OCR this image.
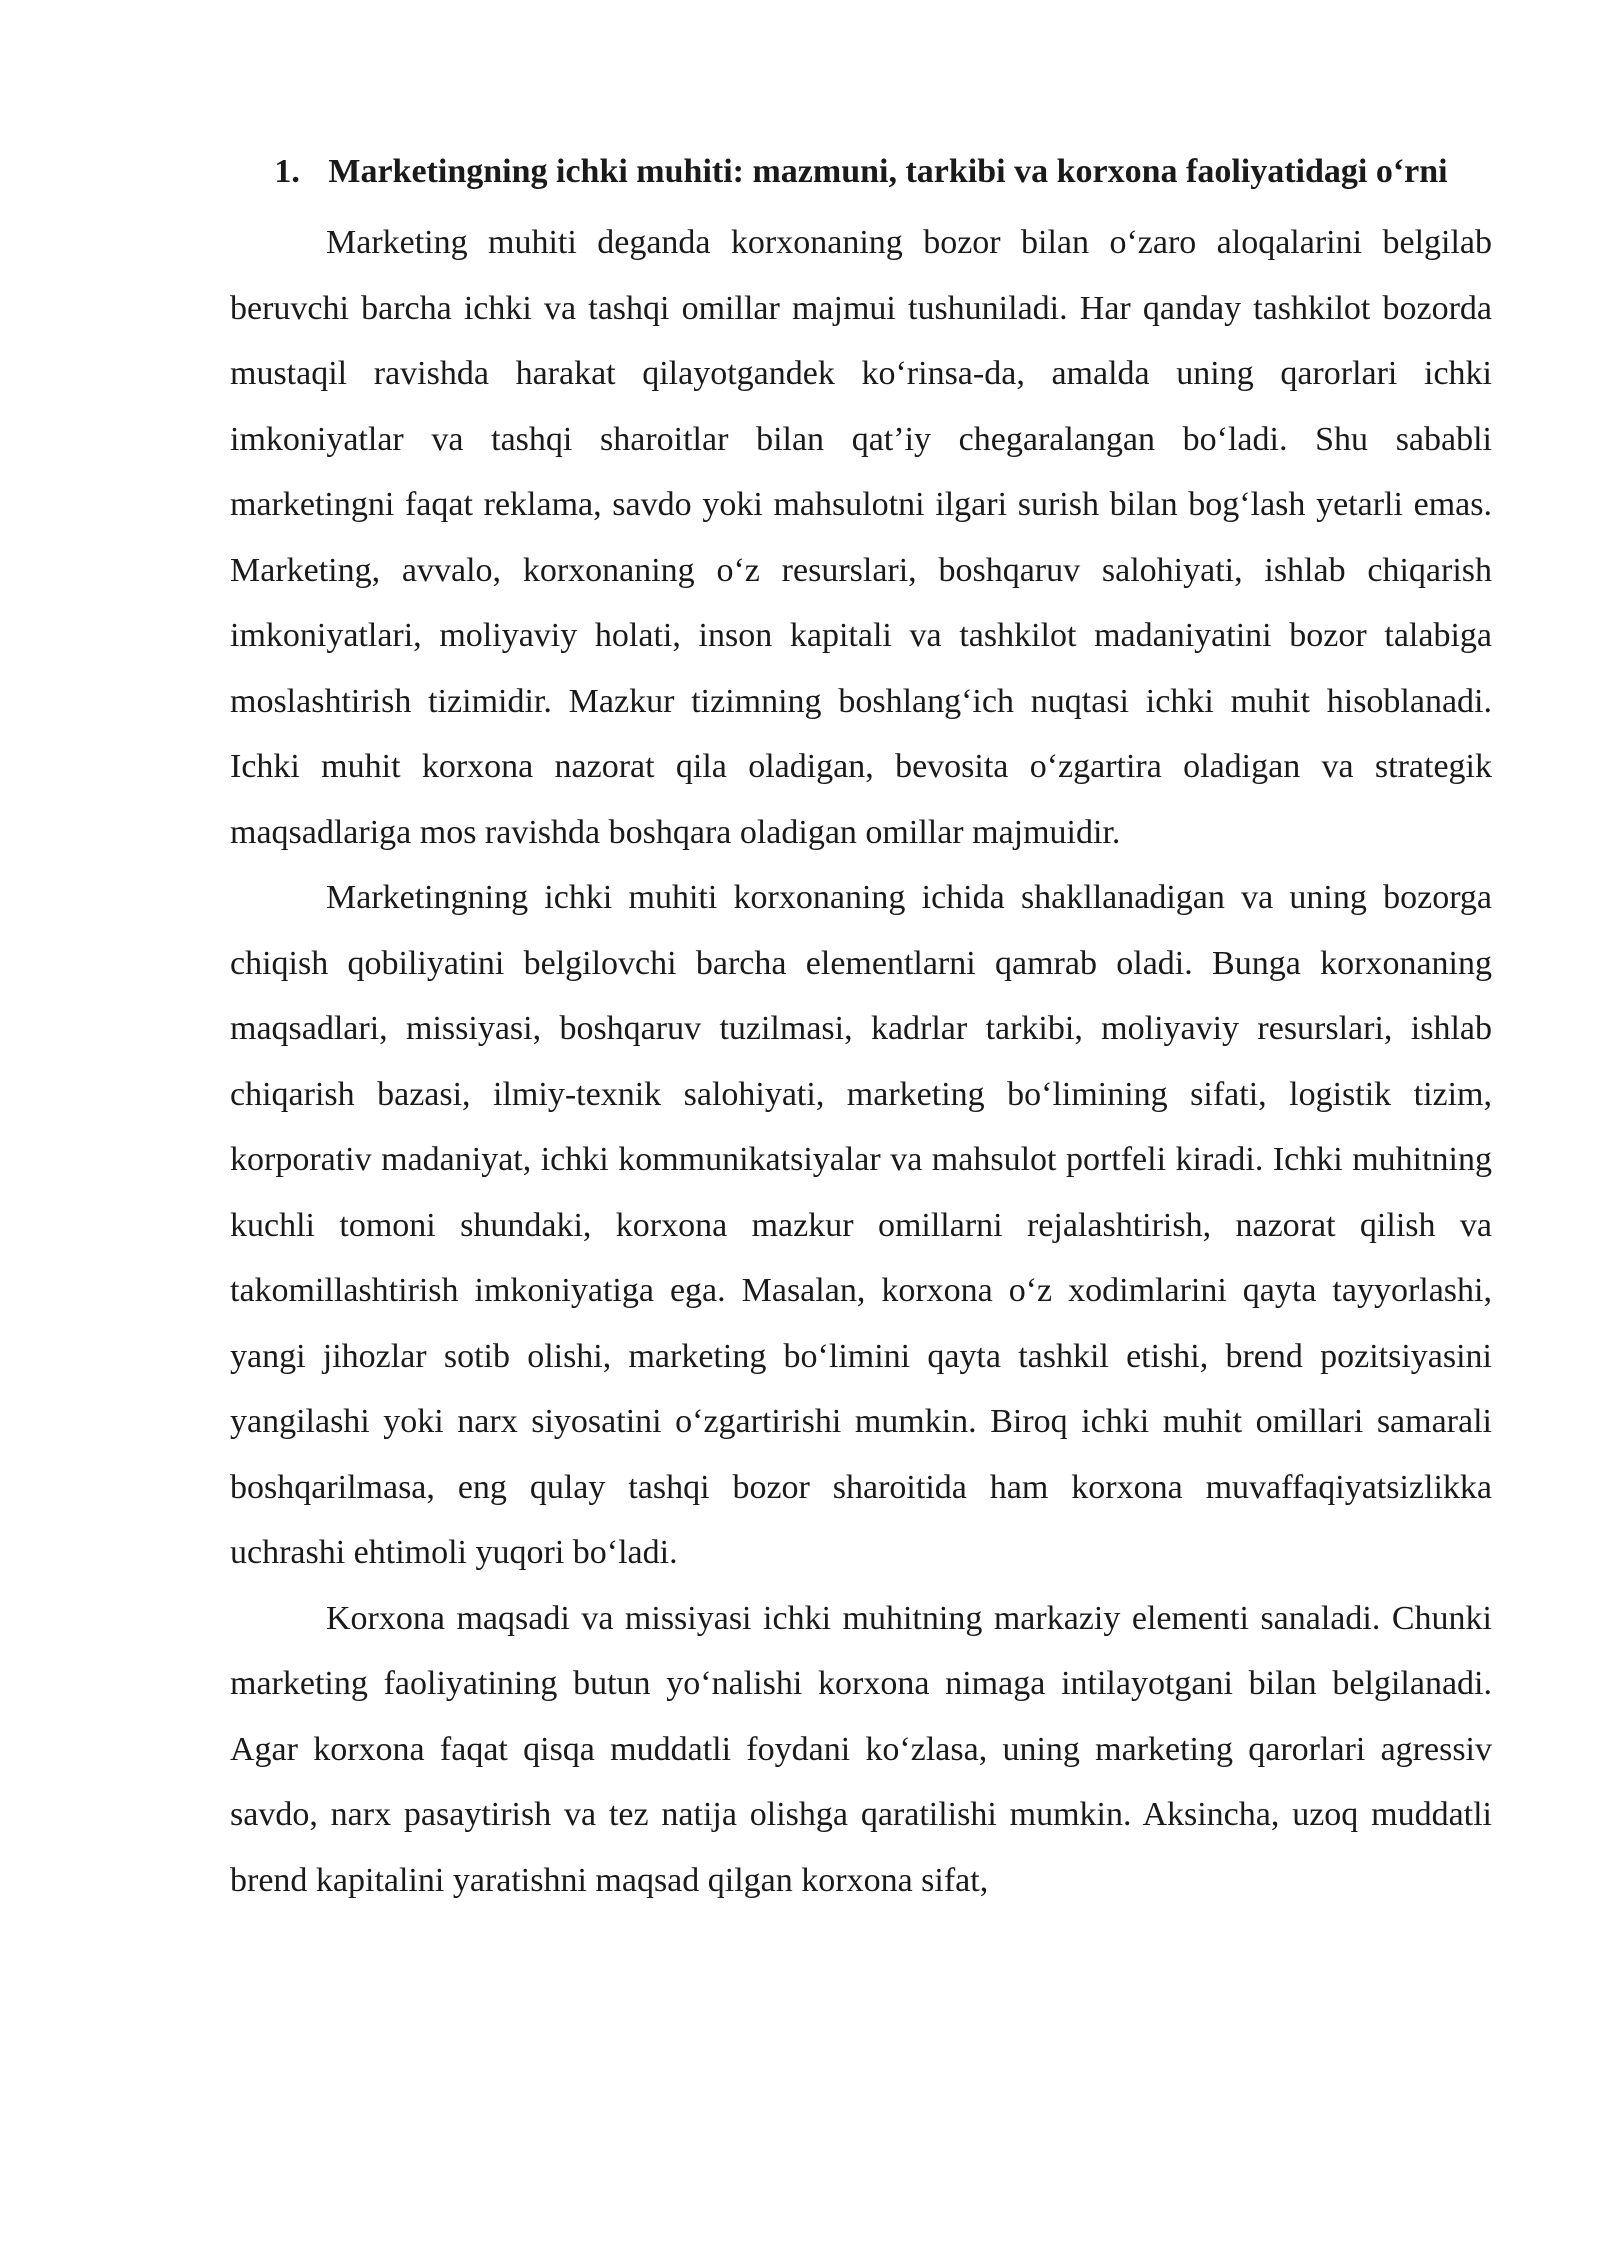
1. Marketingning ichki muhiti: mazmuni, tarkibi va korxona faoliyatidagi o‘rni

Marketing muhiti deganda korxonaning bozor bilan o‘zaro aloqalarini belgilab beruvchi barcha ichki va tashqi omillar majmui tushuniladi. Har qanday tashkilot bozorda mustaqil ravishda harakat qilayotgandek ko‘rinsa-da, amalda uning qarorlari ichki imkoniyatlar va tashqi sharoitlar bilan qat’iy chegaralangan bo‘ladi. Shu sababli marketingni faqat reklama, savdo yoki mahsulotni ilgari surish bilan bog‘lash yetarli emas. Marketing, avvalo, korxonaning o‘z resurslari, boshqaruv salohiyati, ishlab chiqarish imkoniyatlari, moliyaviy holati, inson kapitali va tashkilot madaniyatini bozor talabiga moslashtirish tizimidir. Mazkur tizimning boshlang‘ich nuqtasi ichki muhit hisoblanadi. Ichki muhit korxona nazorat qila oladigan, bevosita o‘zgartira oladigan va strategik maqsadlariga mos ravishda boshqara oladigan omillar majmuidir.

Marketingning ichki muhiti korxonaning ichida shakllanadigan va uning bozorga chiqish qobiliyatini belgilovchi barcha elementlarni qamrab oladi. Bunga korxonaning maqsadlari, missiyasi, boshqaruv tuzilmasi, kadrlar tarkibi, moliyaviy resurslari, ishlab chiqarish bazasi, ilmiy-texnik salohiyati, marketing bo‘limining sifati, logistik tizim, korporativ madaniyat, ichki kommunikatsiyalar va mahsulot portfeli kiradi. Ichki muhitning kuchli tomoni shundaki, korxona mazkur omillarni rejalashtirish, nazorat qilish va takomillashtirish imkoniyatiga ega. Masalan, korxona o‘z xodimlarini qayta tayyorlashi, yangi jihozlar sotib olishi, marketing bo‘limini qayta tashkil etishi, brend pozitsiyasini yangilashi yoki narx siyosatini o‘zgartirishi mumkin. Biroq ichki muhit omillari samarali boshqarilmasa, eng qulay tashqi bozor sharoitida ham korxona muvaffaqiyatsizlikka uchrashi ehtimoli yuqori bo‘ladi.

Korxona maqsadi va missiyasi ichki muhitning markaziy elementi sanaladi. Chunki marketing faoliyatining butun yo‘nalishi korxona nimaga intilayotgani bilan belgilanadi. Agar korxona faqat qisqa muddatli foydani ko‘zlasa, uning marketing qarorlari agressiv savdo, narx pasaytirish va tez natija olishga qaratilishi mumkin. Aksincha, uzoq muddatli brend kapitalini yaratishni maqsad qilgan korxona sifat,
